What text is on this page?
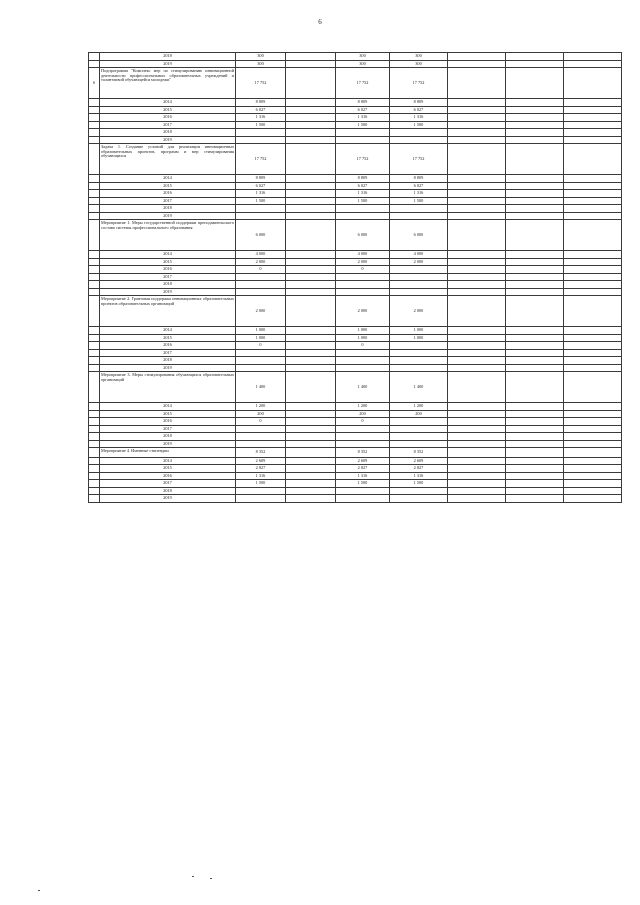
6
	2018	300		300	300			
	2019	300		300	300			
6	Подпрограмма "Комплекс мер по стимулированию инновационной деятельности профессиональных образовательных учреждений и талантливой обучающейся молодежи"	17 752		17 752	17 752			
	2014	8 809		8 809	8 809			
	2015	6 027		6 027	6 027			
	2016	1 316		1 316	1 316			
	2017	1 500		1 500	1 500			
	2018							
	2019							
	Задача 1. Создание условий для реализации инновационных образовательных проектов, программ и мер стимулирования обучающихся	17 752		17 752	17 752			
	2014	8 809		8 809	8 809			
	2015	6 027		6 027	6 027			
	2016	1 316		1 316	1 316			
	2017	1 500		1 500	1 500			
	2018							
	2019							
	Мероприятие 1. Меры государственной поддержки преподавательского состава системы профессионального образования	6 000		6 000	6 000			
	2014	4 000		4 000	4 000			
	2015	2 000		2 000	2 000			
	2016	0		0				
	2017							
	2018							
	2019							
	Мероприятие 2. Грантовая поддержка инновационных образовательных проектов образовательных организаций	2 000		2 000	2 000			
	2014	1 000		1 000	1 000			
	2015	1 000		1 000	1 000			
	2016	0		0				
	2017							
	2018							
	2019							
	Мероприятие 3. Меры стимулирования обучающихся образовательных организаций	1 400		1 400	1 400			
	2014	1 200		1 200	1 200			
	2015	200		200	200			
	2016	0		0				
	2017							
	2018							
	2019							
	Мероприятие 4. Именные стипендии	8 352		8 352	8 352			
	2014	2 609		2 609	2 609			
	2015	2 827		2 827	2 827			
	2016	1 316		1 316	1 316			
	2017	1 500		1 500	1 500			
	2018							
	2019							
